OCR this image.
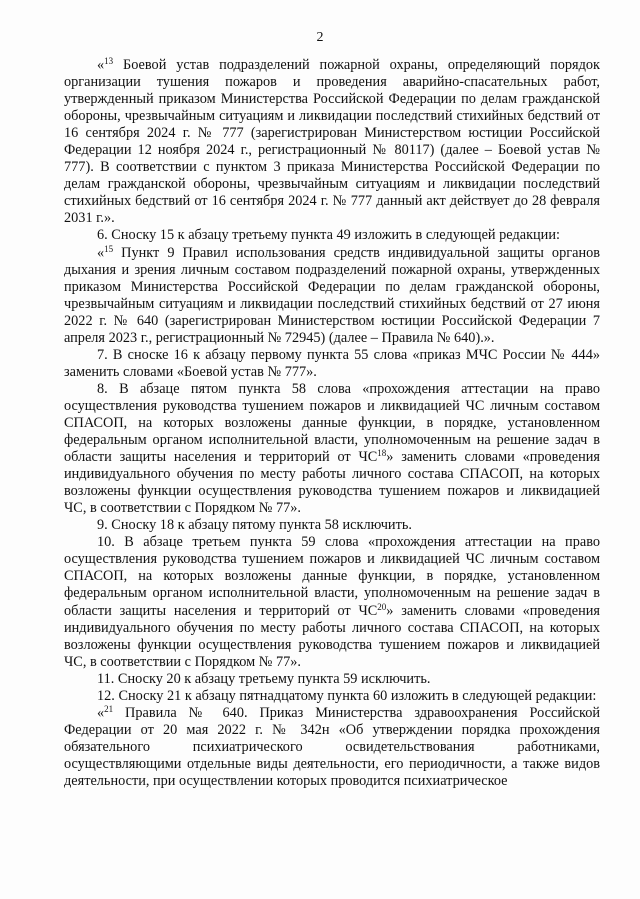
2

«$^{13}$ Боевой устав подразделений пожарной охраны, определяющий порядок организации тушения пожаров и проведения аварийно-спасательных работ, утвержденный приказом Министерства Российской Федерации по делам гражданской обороны, чрезвычайным ситуациям и ликвидации последствий стихийных бедствий от 16 сентября 2024 г. № 777 (зарегистрирован Министерством юстиции Российской Федерации 12 ноября 2024 г., регистрационный № 80117) (далее – Боевой устав № 777). В соответствии с пунктом 3 приказа Министерства Российской Федерации по делам гражданской обороны, чрезвычайным ситуациям и ликвидации последствий стихийных бедствий от 16 сентября 2024 г. № 777 данный акт действует до 28 февраля 2031 г.».

6. Сноску 15 к абзацу третьему пункта 49 изложить в следующей редакции:

«$^{15}$ Пункт 9 Правил использования средств индивидуальной защиты органов дыхания и зрения личным составом подразделений пожарной охраны, утвержденных приказом Министерства Российской Федерации по делам гражданской обороны, чрезвычайным ситуациям и ликвидации последствий стихийных бедствий от 27 июня 2022 г. № 640 (зарегистрирован Министерством юстиции Российской Федерации 7 апреля 2023 г., регистрационный № 72945) (далее – Правила № 640).».

7. В сноске 16 к абзацу первому пункта 55 слова «приказ МЧС России № 444» заменить словами «Боевой устав № 777».

8. В абзаце пятом пункта 58 слова «прохождения аттестации на право осуществления руководства тушением пожаров и ликвидацией ЧС личным составом СПАСОП, на которых возложены данные функции, в порядке, установленном федеральным органом исполнительной власти, уполномоченным на решение задач в области защиты населения и территорий от ЧС$^{18}$» заменить словами «проведения индивидуального обучения по месту работы личного состава СПАСОП, на которых возложены функции осуществления руководства тушением пожаров и ликвидацией ЧС, в соответствии с Порядком № 77».

9. Сноску 18 к абзацу пятому пункта 58 исключить.

10. В абзаце третьем пункта 59 слова «прохождения аттестации на право осуществления руководства тушением пожаров и ликвидацией ЧС личным составом СПАСОП, на которых возложены данные функции, в порядке, установленном федеральным органом исполнительной власти, уполномоченным на решение задач в области защиты населения и территорий от ЧС$^{20}$» заменить словами «проведения индивидуального обучения по месту работы личного состава СПАСОП, на которых возложены функции осуществления руководства тушением пожаров и ликвидацией ЧС, в соответствии с Порядком № 77».

11. Сноску 20 к абзацу третьему пункта 59 исключить.

12. Сноску 21 к абзацу пятнадцатому пункта 60 изложить в следующей редакции:

«$^{21}$ Правила № 640. Приказ Министерства здравоохранения Российской Федерации от 20 мая 2022 г. № 342н «Об утверждении порядка прохождения обязательного психиатрического освидетельствования работниками, осуществляющими отдельные виды деятельности, его периодичности, а также видов деятельности, при осуществлении которых проводится психиатрическое
